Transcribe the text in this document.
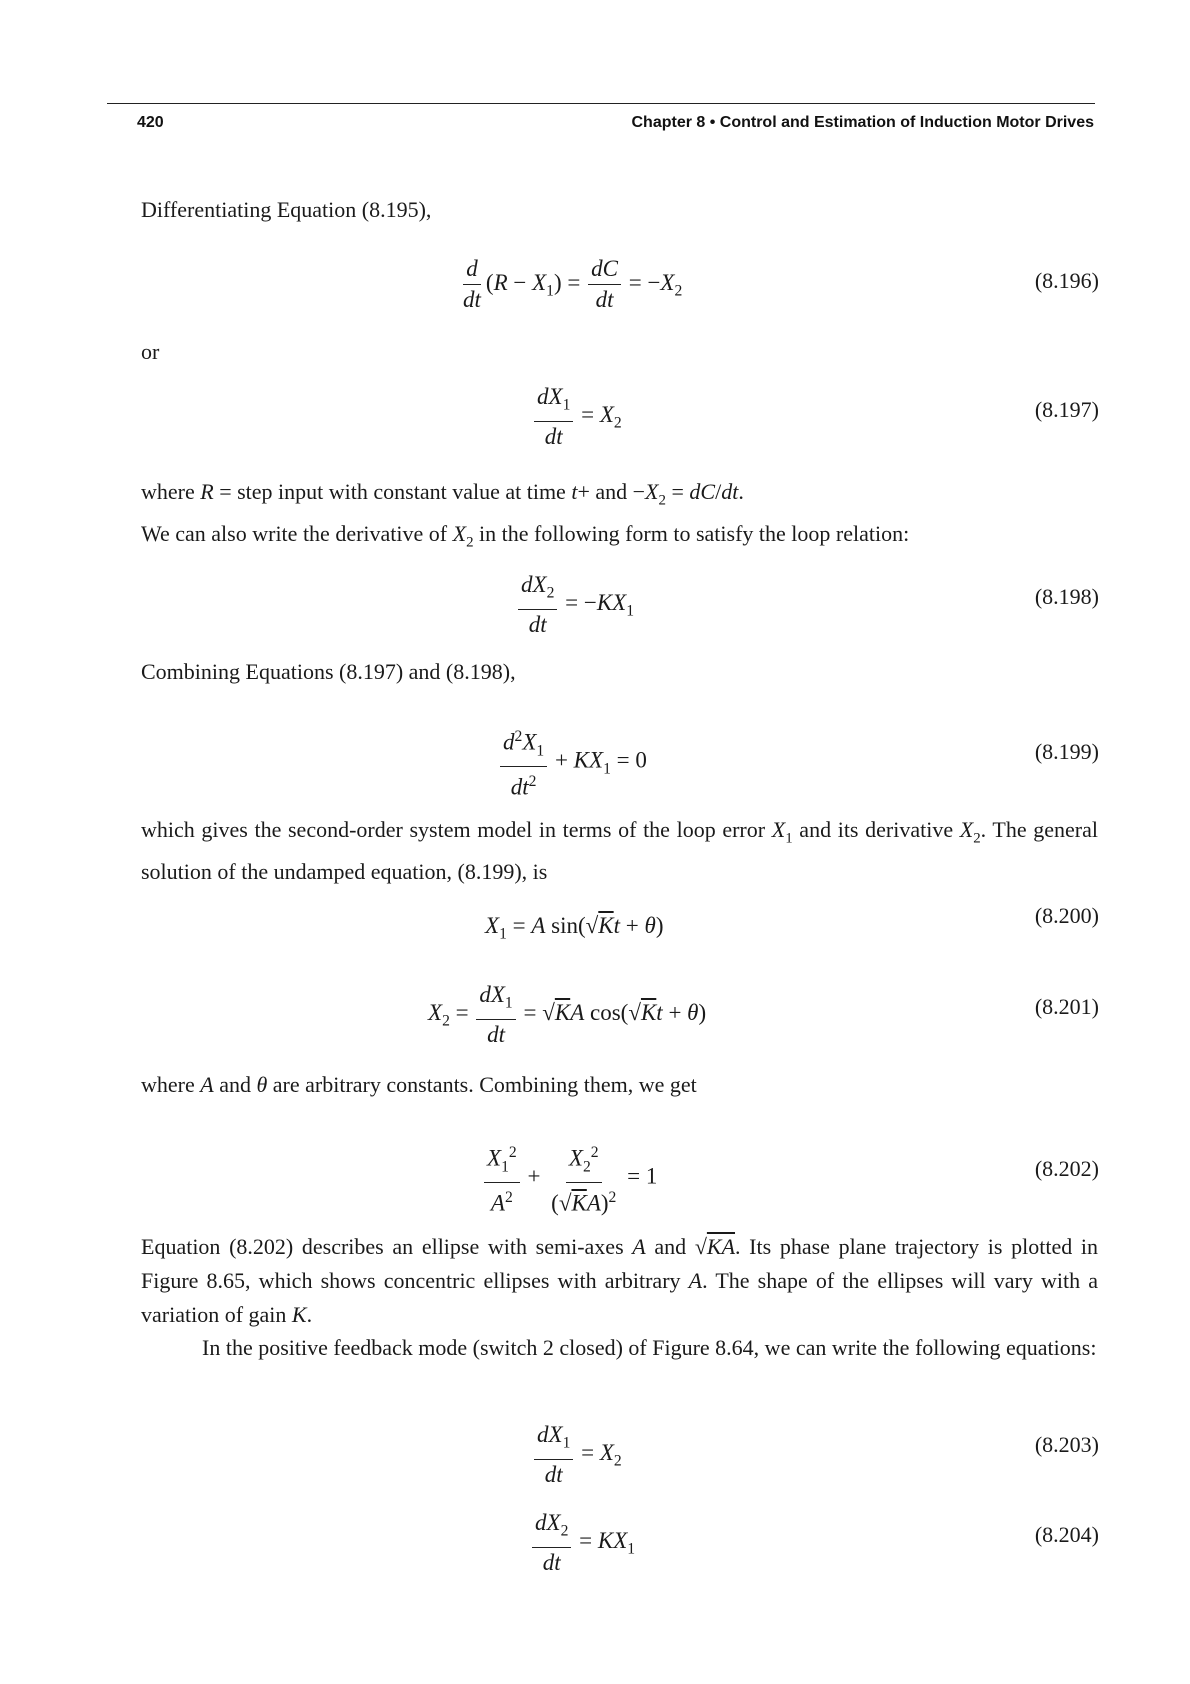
420	Chapter 8 • Control and Estimation of Induction Motor Drives
Differentiating Equation (8.195),
$\frac{d}{dt} (R - X_1) = \frac{dC}{dt} = -X_2$	(8.196)
or
$\frac{dX_1}{dt} = X_2$
(8.197)
where R = step input with constant value at time t+ and $-X_2 = dC/dt$.
We can also write the derivative of $X_2$ in the following form to satisfy the loop relation:
$\frac{dX_2}{dt} = -KX_1$
(8.198)
Combining Equations (8.197) and (8.198),
$\frac{d^2X_1}{dt^2} + KX_1 = 0$	(8.199)
which gives the second-order system model in terms of the loop error $X_1$ and its derivative $X_2$. The general solution of the undamped equation, (8.199), is
$X_1 = A$ sin(√Kt + θ)	(8.200)
$X_2 = \frac{dX_1}{dt} = √KA$ cos(√Kt + θ)	(8.201)
where A and θ are arbitrary constants. Combining them, we get
$\frac{X_1^2}{A^2} + \frac{X_2^2}{(√KA)^2} = 1$	(8.202)
Equation (8.202) describes an ellipse with semi-axes A and √KA. Its phase plane trajectory is plotted in Figure 8.65, which shows concentric ellipses with arbitrary A. The shape of the ellipses will vary with a variation of gain K.
In the positive feedback mode (switch 2 closed) of Figure 8.64, we can write the following equations:
$\frac{dX_1}{dt} = X_2$
(8.203)
$\frac{dX_2}{dt} = KX_1$
(8.204)
